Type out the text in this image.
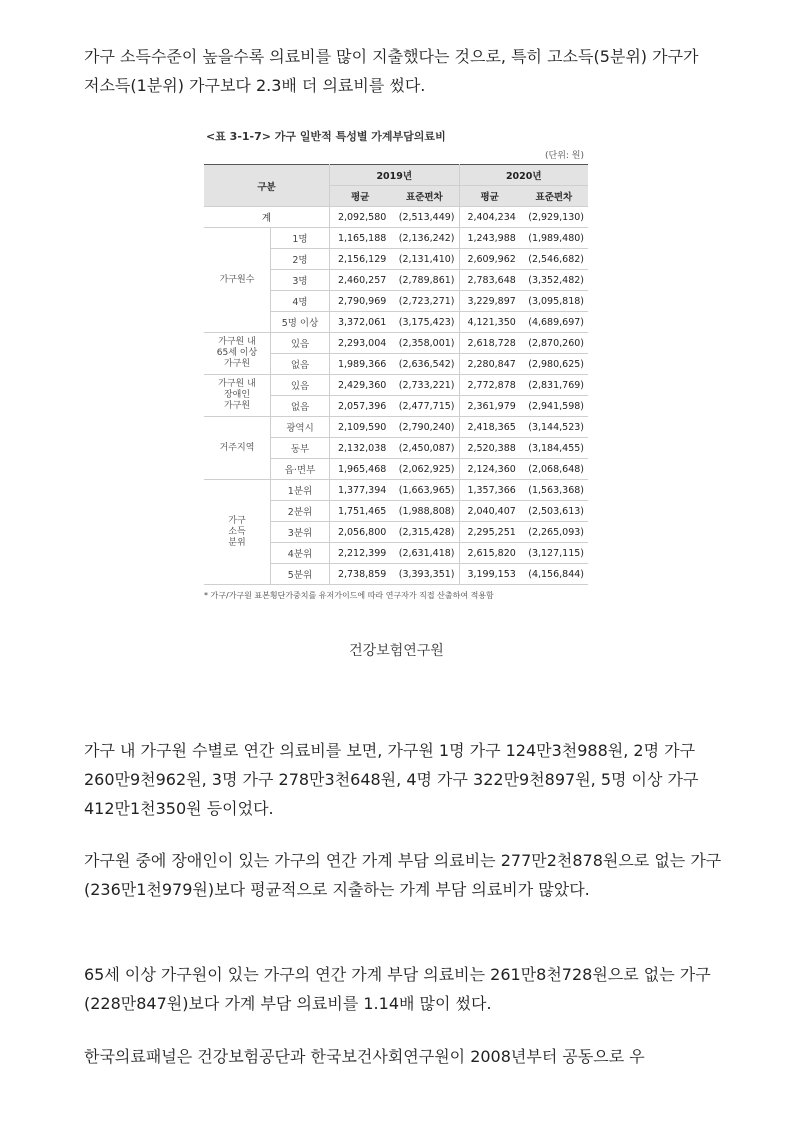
가구 소득수준이 높을수록 의료비를 많이 지출했다는 것으로, 특히 고소득(5분위) 가구가 저소득(1분위) 가구보다 2.3배 더 의료비를 썼다.

<표 3-1-7> 가구 일반적 특성별 가계부담의료비
(단위: 원)
구분		2019년		2020년	
		평균	표준편차	평균	표준편차
계		2,092,580	(2,513,449)	2,404,234	(2,929,130)
가구원수	1명	1,165,188	(2,136,242)	1,243,988	(1,989,480)
	2명	2,156,129	(2,131,410)	2,609,962	(2,546,682)
	3명	2,460,257	(2,789,861)	2,783,648	(3,352,482)
	4명	2,790,969	(2,723,271)	3,229,897	(3,095,818)
	5명 이상	3,372,061	(3,175,423)	4,121,350	(4,689,697)
가구원 내
65세 이상
가구원	있음	2,293,004	(2,358,001)	2,618,728	(2,870,260)
	없음	1,989,366	(2,636,542)	2,280,847	(2,980,625)
가구원 내
장애인
가구원	있음	2,429,360	(2,733,221)	2,772,878	(2,831,769)
	없음	2,057,396	(2,477,715)	2,361,979	(2,941,598)
거주지역	광역시	2,109,590	(2,790,240)	2,418,365	(3,144,523)
	동부	2,132,038	(2,450,087)	2,520,388	(3,184,455)
	읍·면부	1,965,468	(2,062,925)	2,124,360	(2,068,648)
가구
소득
분위	1분위	1,377,394	(1,663,965)	1,357,366	(1,563,368)
	2분위	1,751,465	(1,988,808)	2,040,407	(2,503,613)
	3분위	2,056,800	(2,315,428)	2,295,251	(2,265,093)
	4분위	2,212,399	(2,631,418)	2,615,820	(3,127,115)
	5분위	2,738,859	(3,393,351)	3,199,153	(4,156,844)
* 가구/가구원 표본횡단가중치를 유저가이드에 따라 연구자가 직접 산출하여 적용함
건강보험연구원

가구 내 가구원 수별로 연간 의료비를 보면, 가구원 1명 가구 124만3천988원, 2명 가구 260만9천962원, 3명 가구 278만3천648원, 4명 가구 322만9천897원, 5명 이상 가구 412만1천350원 등이었다.

가구원 중에 장애인이 있는 가구의 연간 가계 부담 의료비는 277만2천878원으로 없는 가구(236만1천979원)보다 평균적으로 지출하는 가계 부담 의료비가 많았다.

65세 이상 가구원이 있는 가구의 연간 가계 부담 의료비는 261만8천728원으로 없는 가구(228만847원)보다 가계 부담 의료비를 1.14배 많이 썼다.

한국의료패널은 건강보험공단과 한국보건사회연구원이 2008년부터 공동으로 우
